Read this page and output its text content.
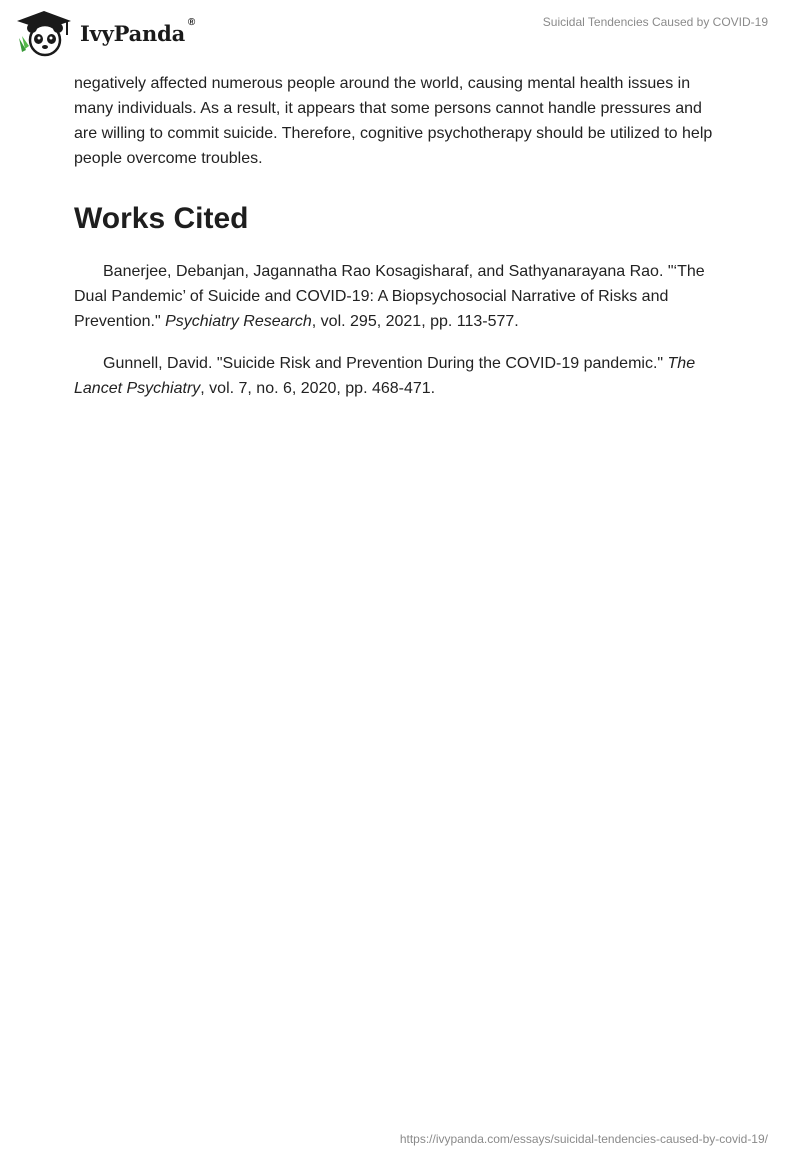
IvyPanda ®	Suicidal Tendencies Caused by COVID-19

negatively affected numerous people around the world, causing mental health issues in many individuals. As a result, it appears that some persons cannot handle pressures and are willing to commit suicide. Therefore, cognitive psychotherapy should be utilized to help people overcome troubles.

Works Cited

Banerjee, Debanjan, Jagannatha Rao Kosagisharaf, and Sathyanarayana Rao. "‘The Dual Pandemic’ of Suicide and COVID-19: A Biopsychosocial Narrative of Risks and Prevention." Psychiatry Research, vol. 295, 2021, pp. 113-577.

Gunnell, David. "Suicide Risk and Prevention During the COVID-19 pandemic." The Lancet Psychiatry, vol. 7, no. 6, 2020, pp. 468-471.

https://ivypanda.com/essays/suicidal-tendencies-caused-by-covid-19/
